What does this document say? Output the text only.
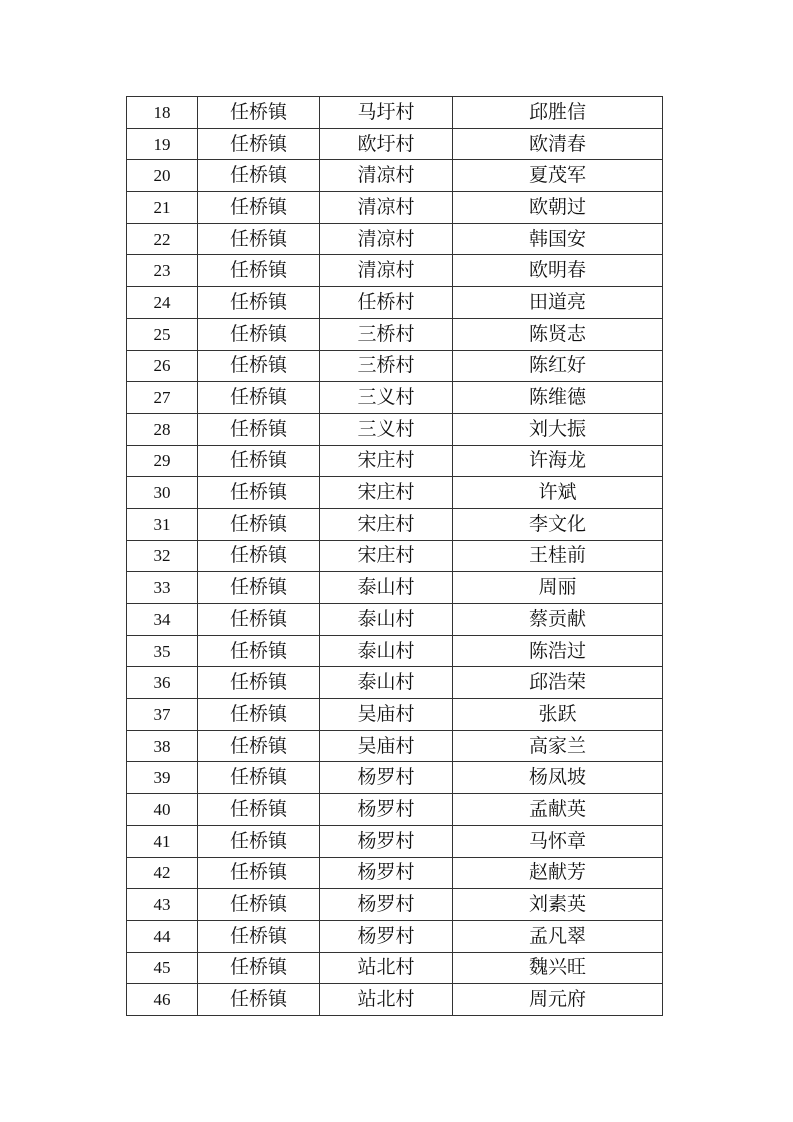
18	任桥镇	马圩村	邱胜信
19	任桥镇	欧圩村	欧清春
20	任桥镇	清凉村	夏茂军
21	任桥镇	清凉村	欧朝过
22	任桥镇	清凉村	韩国安
23	任桥镇	清凉村	欧明春
24	任桥镇	任桥村	田道亮
25	任桥镇	三桥村	陈贤志
26	任桥镇	三桥村	陈红好
27	任桥镇	三义村	陈维德
28	任桥镇	三义村	刘大振
29	任桥镇	宋庄村	许海龙
30	任桥镇	宋庄村	许斌
31	任桥镇	宋庄村	李文化
32	任桥镇	宋庄村	王桂前
33	任桥镇	泰山村	周丽
34	任桥镇	泰山村	蔡贡献
35	任桥镇	泰山村	陈浩过
36	任桥镇	泰山村	邱浩荣
37	任桥镇	吴庙村	张跃
38	任桥镇	吴庙村	高家兰
39	任桥镇	杨罗村	杨凤坡
40	任桥镇	杨罗村	孟献英
41	任桥镇	杨罗村	马怀章
42	任桥镇	杨罗村	赵献芳
43	任桥镇	杨罗村	刘素英
44	任桥镇	杨罗村	孟凡翠
45	任桥镇	站北村	魏兴旺
46	任桥镇	站北村	周元府
